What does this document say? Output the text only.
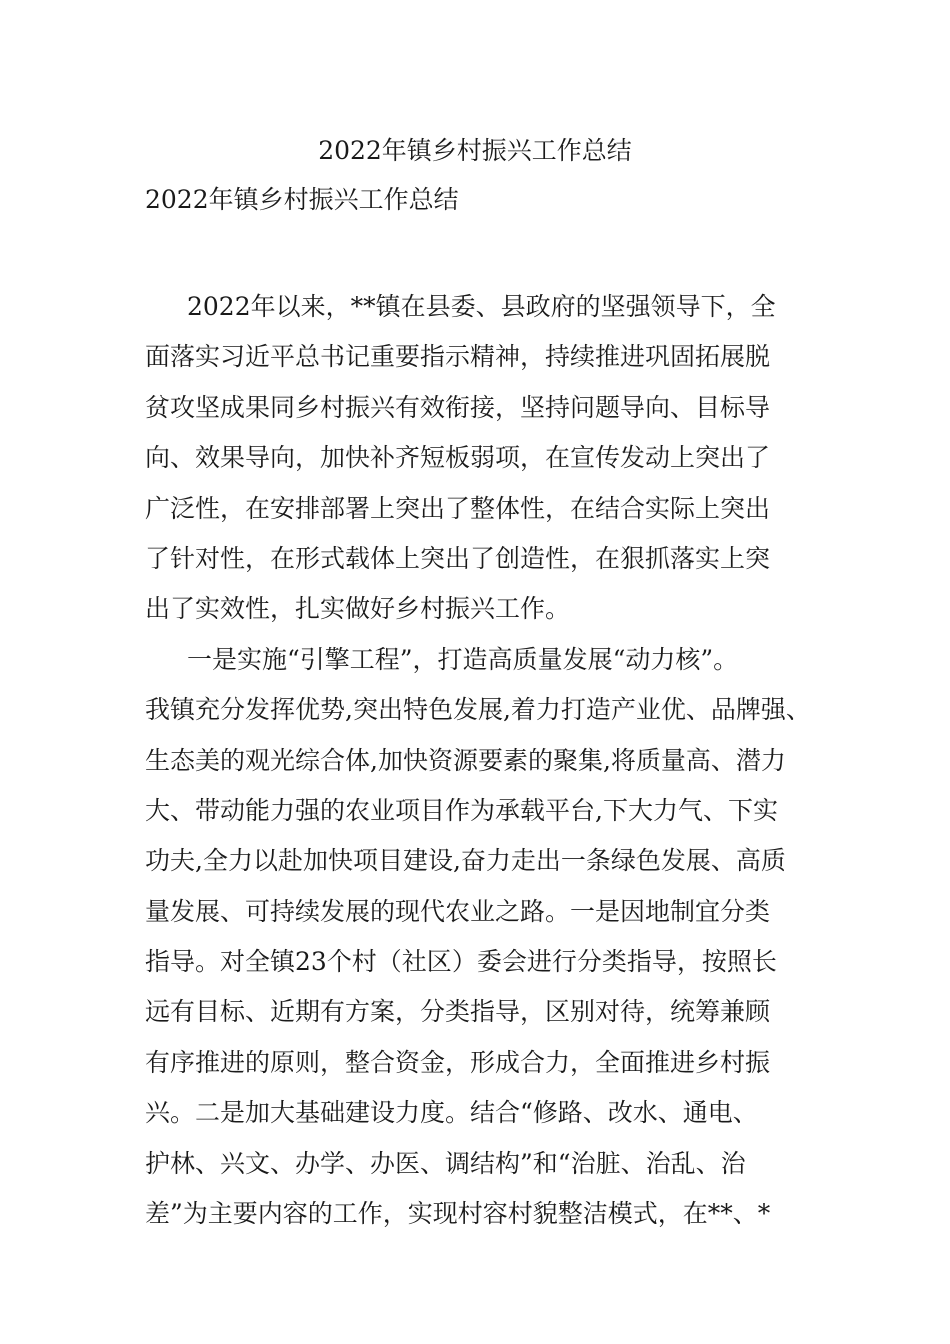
2022年镇乡村振兴工作总结
2022年镇乡村振兴工作总结
2022年以来，**镇在县委、县政府的坚强领导下，全
面落实习近平总书记重要指示精神，持续推进巩固拓展脱
贫攻坚成果同乡村振兴有效衔接，坚持问题导向、目标导
向、效果导向，加快补齐短板弱项，在宣传发动上突出了
广泛性，在安排部署上突出了整体性，在结合实际上突出
了针对性，在形式载体上突出了创造性，在狠抓落实上突
出了实效性，扎实做好乡村振兴工作。
一是实施“引擎工程”，打造高质量发展“动力核”。
我镇充分发挥优势,突出特色发展,着力打造产业优、品牌强、
生态美的观光综合体,加快资源要素的聚集,将质量高、潜力
大、带动能力强的农业项目作为承载平台,下大力气、下实
功夫,全力以赴加快项目建设,奋力走出一条绿色发展、高质
量发展、可持续发展的现代农业之路。一是因地制宜分类
指导。对全镇23个村（社区）委会进行分类指导，按照长
远有目标、近期有方案，分类指导，区别对待，统筹兼顾
有序推进的原则，整合资金，形成合力，全面推进乡村振
兴。二是加大基础建设力度。结合“修路、改水、通电、
护林、兴文、办学、办医、调结构”和“治脏、治乱、治
差”为主要内容的工作，实现村容村貌整洁模式，在**、*
